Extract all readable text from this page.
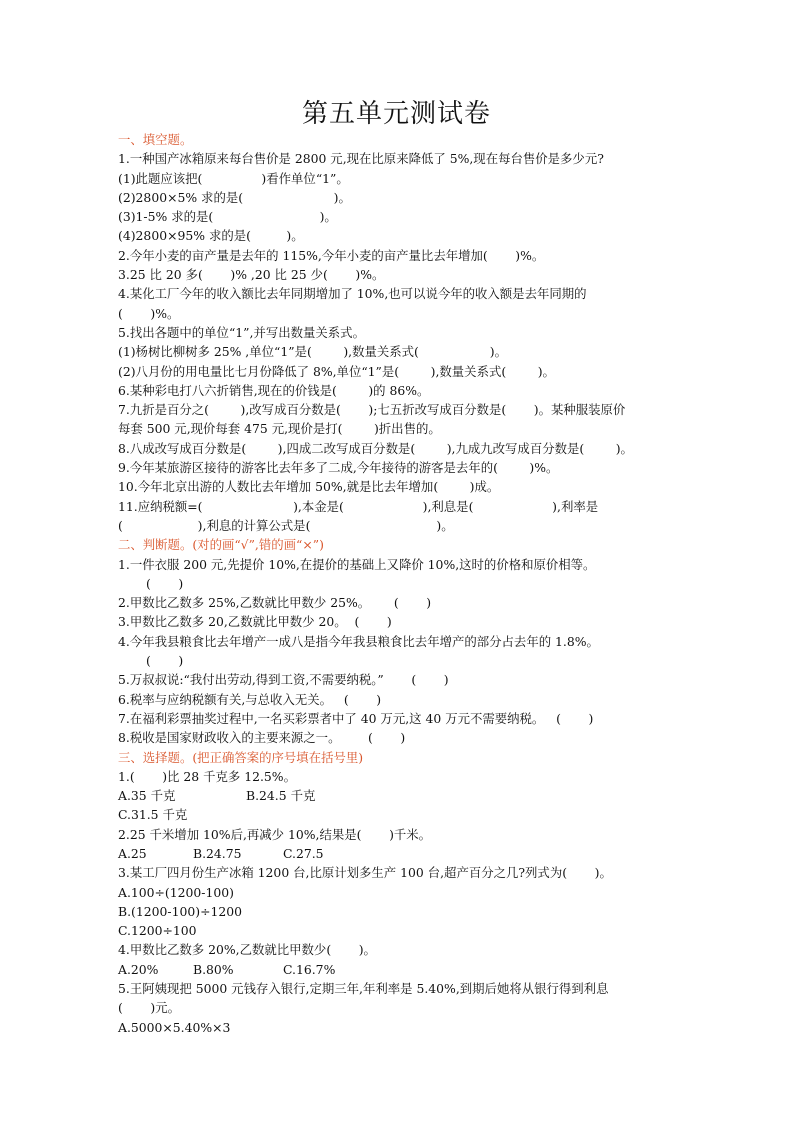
第五单元测试卷
一、填空题。
1.一种国产冰箱原来每台售价是 2800 元,现在比原来降低了 5%,现在每台售价是多少元?
(1)此题应该把(               )看作单位“1”。
(2)2800×5% 求的是(                       )。
(3)1-5% 求的是(                           )。
(4)2800×95% 求的是(         )。
2.今年小麦的亩产量是去年的 115%,今年小麦的亩产量比去年增加(       )%。
3.25 比 20 多(       )% ,20 比 25 少(       )%。
4.某化工厂今年的收入额比去年同期增加了 10%,也可以说今年的收入额是去年同期的
(       )%。
5.找出各题中的单位“1”,并写出数量关系式。
(1)杨树比柳树多 25% ,单位“1”是(        ),数量关系式(                  )。
(2)八月份的用电量比七月份降低了 8%,单位“1”是(        ),数量关系式(        )。
6.某种彩电打八六折销售,现在的价钱是(        )的 86%。
7.九折是百分之(        ),改写成百分数是(       );七五折改写成百分数是(       )。某种服装原价
每套 500 元,现价每套 475 元,现价是打(        )折出售的。
8.八成改写成百分数是(        ),四成二改写成百分数是(        ),九成九改写成百分数是(        )。
9.今年某旅游区接待的游客比去年多了二成,今年接待的游客是去年的(        )%。
10.今年北京出游的人数比去年增加 50%,就是比去年增加(        )成。
11.应纳税额=(                       ),本金是(                    ),利息是(                    ),利率是
(                   ),利息的计算公式是(                                )。
二、判断题。(对的画“√”,错的画“×”)
1.一件衣服 200 元,先提价 10%,在提价的基础上又降价 10%,这时的价格和原价相等。
(       )
2.甲数比乙数多 25%,乙数就比甲数少 25%。      (       )
3.甲数比乙数多 20,乙数就比甲数少 20。  (       )
4.今年我县粮食比去年增产一成八是指今年我县粮食比去年增产的部分占去年的 1.8%。
(       )
5.万叔叔说:“我付出劳动,得到工资,不需要纳税。”       (       )
6.税率与应纳税额有关,与总收入无关。   (       )
7.在福利彩票抽奖过程中,一名买彩票者中了 40 万元,这 40 万元不需要纳税。   (       )
8.税收是国家财政收入的主要来源之一。       (       )
三、选择题。(把正确答案的序号填在括号里)
1.(       )比 28 千克多 12.5%。
A.35 千克	B.24.5 千克
C.31.5 千克
2.25 千米增加 10%后,再减少 10%,结果是(       )千米。
A.25	B.24.75	C.27.5
3.某工厂四月份生产冰箱 1200 台,比原计划多生产 100 台,超产百分之几?列式为(       )。
A.100÷(1200-100)
B.(1200-100)÷1200
C.1200÷100
4.甲数比乙数多 20%,乙数就比甲数少(       )。
A.20%	B.80%	C.16.7%
5.王阿姨现把 5000 元钱存入银行,定期三年,年利率是 5.40%,到期后她将从银行得到利息
(       )元。
A.5000×5.40%×3
